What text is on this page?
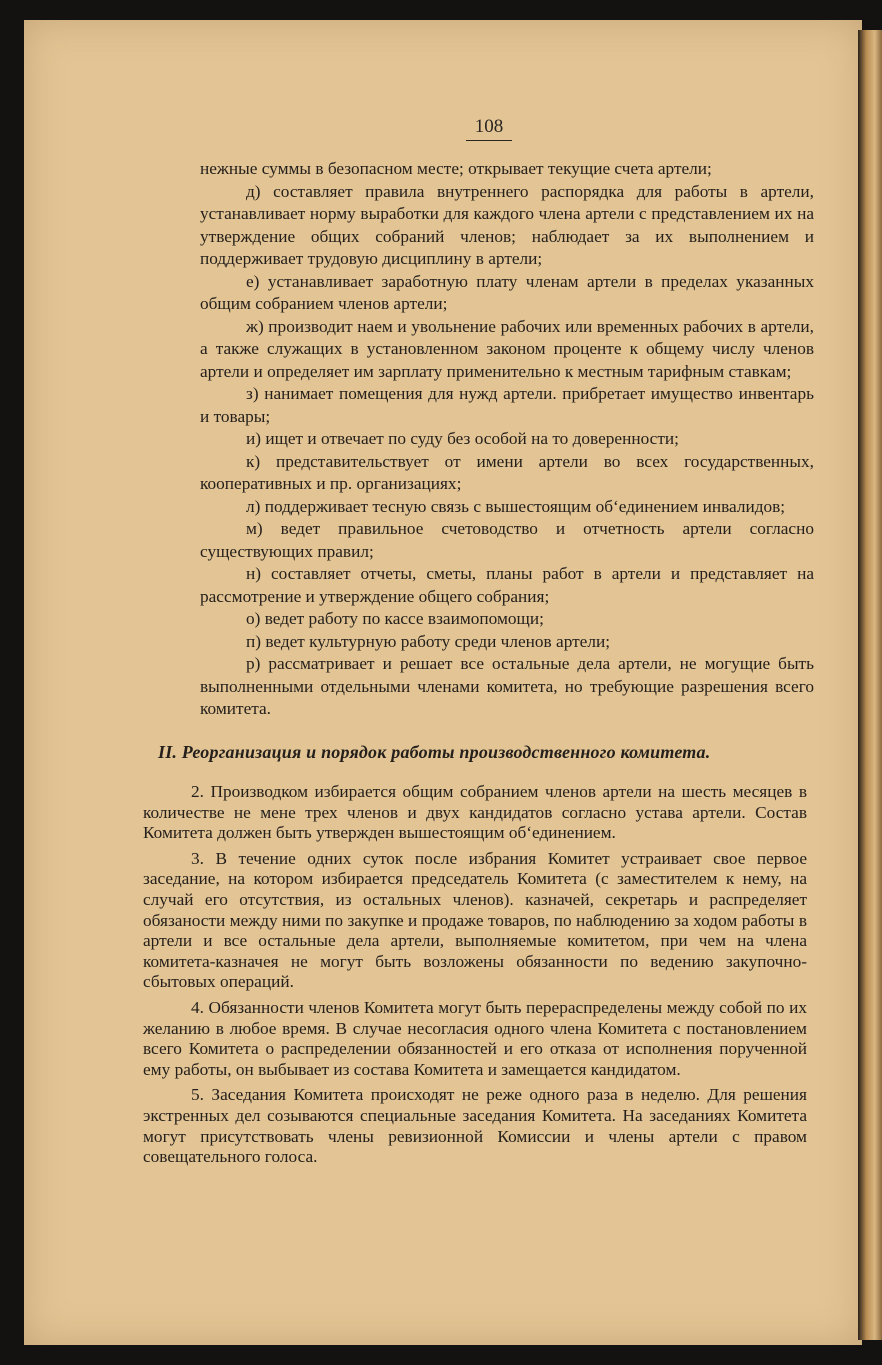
108

нежные суммы в безопасном месте; открывает текущие счета артели;

д) составляет правила внутреннего распорядка для работы в артели, устанавливает норму выработки для каждого члена артели с представлением их на утверждение общих собраний членов; наблюдает за их выполнением и поддерживает трудовую дисциплину в артели;

е) устанавливает заработную плату членам артели в пределах указанных общим собранием членов артели;

ж) производит наем и увольнение рабочих или временных рабочих в артели, а также служащих в установленном законом проценте к общему числу членов артели и определяет им зарплату применительно к местным тарифным ставкам;

з) нанимает помещения для нужд артели. прибретает имущество инвентарь и товары;

и) ищет и отвечает по суду без особой на то доверенности;

к) представительствует от имени артели во всех государственных, кооперативных и пр. организациях;

л) поддерживает тесную связь с вышестоящим об‘единением инвалидов;

м) ведет правильное счетоводство и отчетность артели согласно существующих правил;

н) составляет отчеты, сметы, планы работ в артели и представляет на рассмотрение и утверждение общего собрания;

о) ведет работу по кассе взаимопомощи;

п) ведет культурную работу среди членов артели;

р) рассматривает и решает все остальные дела артели, не могущие быть выполненными отдельными членами комитета, но требующие разрешения всего комитета.

II. Реорганизация и порядок работы производственного комитета.

2. Производком избирается общим собранием членов артели на шесть месяцев в количестве не мене трех членов и двух кандидатов согласно устава артели. Состав Комитета должен быть утвержден вышестоящим об‘единением.

3. В течение одних суток после избрания Комитет устраивает свое первое заседание, на котором избирается председатель Комитета (с заместителем к нему, на случай его отсутствия, из остальных членов). казначей, секретарь и распределяет обязаности между ними по закупке и продаже товаров, по наблюдению за ходом работы в артели и все остальные дела артели, выполняемые комитетом, при чем на члена комитета-казначея не могут быть возложены обязанности по ведению закупочно-сбытовых операций.

4. Обязанности членов Комитета могут быть перераспределены между собой по их желанию в любое время. В случае несогласия одного члена Комитета с постановлением всего Комитета о распределении обязанностей и его отказа от исполнения порученной ему работы, он выбывает из состава Комитета и замещается кандидатом.

5. Заседания Комитета происходят не реже одного раза в неделю. Для решения экстренных дел созываются специальные заседания Комитета. На заседаниях Комитета могут присутствовать члены ревизионной Комиссии и члены артели с правом совещательного голоса.
